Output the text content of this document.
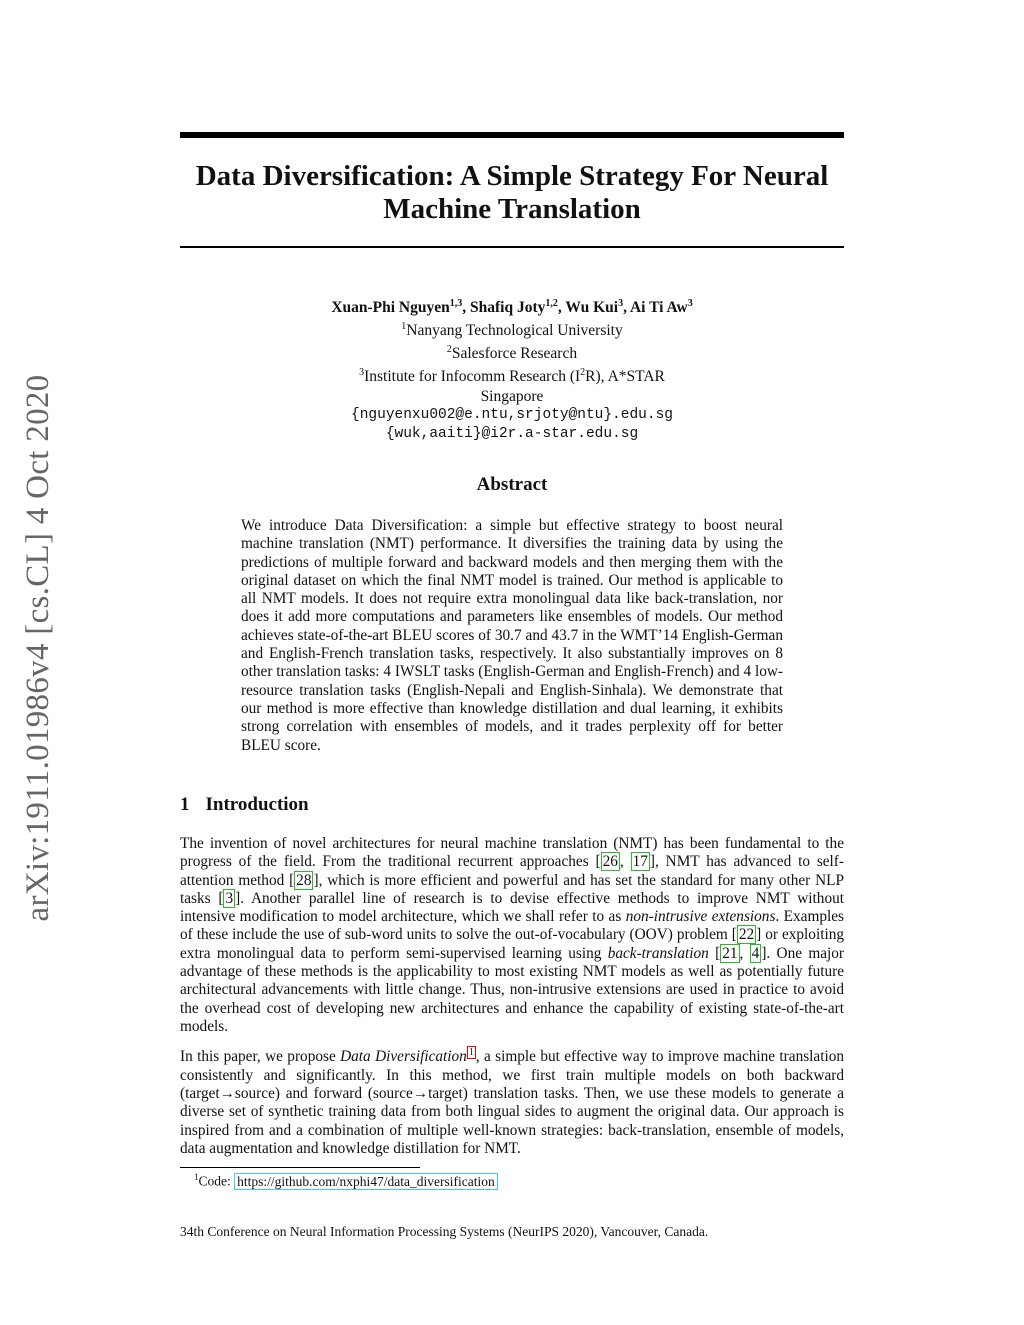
arXiv:1911.01986v4 [cs.CL] 4 Oct 2020
Data Diversification: A Simple Strategy For Neural Machine Translation
Xuan-Phi Nguyen$^{1,3}$, Shafiq Joty$^{1,2}$, Wu Kui$^3$, Ai Ti Aw$^3$
$^1$Nanyang Technological University
$^2$Salesforce Research
$^3$Institute for Infocomm Research $(I^2R)$, A*STAR
Singapore
{nguyenxu002@e.ntu,srjoty@ntu}.edu.sg
{wuk,aaiti}@i2r.a-star.edu.sg
Abstract
We introduce Data Diversification: a simple but effective strategy to boost neural machine translation (NMT) performance. It diversifies the training data by using the predictions of multiple forward and backward models and then merging them with the original dataset on which the final NMT model is trained. Our method is applicable to all NMT models. It does not require extra monolingual data like back-translation, nor does it add more computations and parameters like ensembles of models. Our method achieves state-of-the-art BLEU scores of 30.7 and 43.7 in the WMT’14 English-German and English-French translation tasks, respectively. It also substantially improves on 8 other translation tasks: 4 IWSLT tasks (English-German and English-French) and 4 low-resource translation tasks (English-Nepali and English-Sinhala). We demonstrate that our method is more effective than knowledge distillation and dual learning, it exhibits strong correlation with ensembles of models, and it trades perplexity off for better BLEU score.
1 Introduction

The invention of novel architectures for neural machine translation (NMT) has been fundamental to the progress of the field. From the traditional recurrent approaches [ 26 , 17 ], NMT has advanced to self-attention method [ 28 ], which is more efficient and powerful and has set the standard for many other NLP tasks [ 3 ]. Another parallel line of research is to devise effective methods to improve NMT without intensive modification to model architecture, which we shall refer to as non-intrusive extensions. Examples of these include the use of sub-word units to solve the out-of-vocabulary (OOV) problem [ 22 ] or exploiting extra monolingual data to perform semi-supervised learning using back-translation [ 21 , 4 ]. One major advantage of these methods is the applicability to most existing NMT models as well as potentially future architectural advancements with little change. Thus, non-intrusive extensions are used in practice to avoid the overhead cost of developing new architectures and enhance the capability of existing state-of-the-art models.

In this paper, we propose Data Diversification $^1$ , a simple but effective way to improve machine translation consistently and significantly. In this method, we first train multiple models on both backward (target→source) and forward (source→target) translation tasks. Then, we use these models to generate a diverse set of synthetic training data from both lingual sides to augment the original data. Our approach is inspired from and a combination of multiple well-known strategies: back-translation, ensemble of models, data augmentation and knowledge distillation for NMT.

$^1$Code: https://github.com/nxphi47/data_diversification
34th Conference on Neural Information Processing Systems (NeurIPS 2020), Vancouver, Canada.
